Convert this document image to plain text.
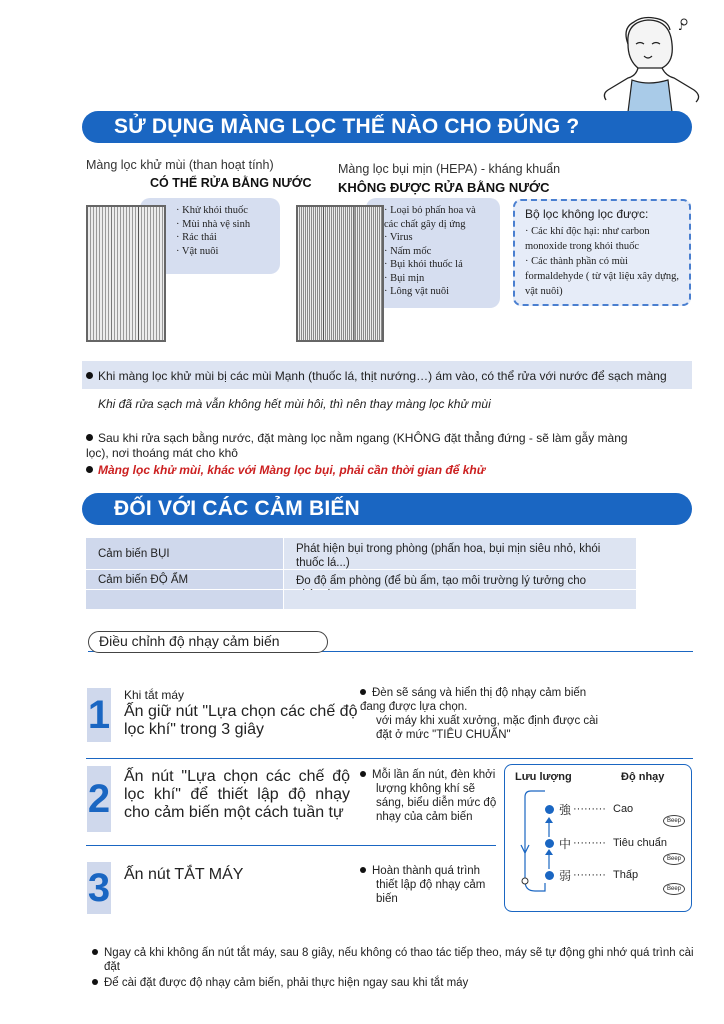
♪
SỬ DỤNG MÀNG LỌC THẾ NÀO CHO ĐÚNG ?
Màng lọc khử mùi (than hoạt tính)
CÓ THỂ RỬA BẰNG NƯỚC
· Khử khói thuốc
· Mùi nhà vệ sinh
· Rác thải
· Vật nuôi
Màng lọc bụi mịn (HEPA) - kháng khuẩn
KHÔNG ĐƯỢC RỬA BẰNG NƯỚC
· Loại bỏ phấn hoa và các chất gây dị ứng
· Virus
· Nấm mốc
· Bụi khói thuốc lá
· Bụi mịn
· Lông vật nuôi
Bộ lọc không lọc được:
· Các khí độc hại: như carbon monoxide trong khói thuốc
· Các thành phần có mùi formaldehyde ( từ vật liệu xây dựng, vật nuôi)
Khi màng lọc khử mùi bị các mùi Mạnh (thuốc lá, thịt nướng…) ám vào, có thể rửa với nước để sạch màng
Khi đã rửa sạch mà vẫn không hết mùi hôi, thì nên thay màng lọc khử mùi
Sau khi rửa sạch bằng nước, đặt màng lọc nằm ngang (KHÔNG đặt thẳng đứng - sẽ làm gẫy màng lọc), nơi thoáng mát cho khô
Màng lọc khử mùi, khác với Màng lọc bụi, phải cần thời gian để khử
ĐỐI VỚI CÁC CẢM BIẾN
Cảm biến BỤI	Phát hiện bụi trong phòng (phấn hoa, bụi mịn siêu nhỏ, khói thuốc lá...)
Cảm biến ĐỘ ẨM	Đo độ ẩm phòng (để bù ẩm, tạo môi trường lý tưởng cho
Điều chỉnh độ nhạy cảm biến
1 Khi tắt máy
Ấn giữ nút "Lựa chọn các chế độ lọc khí" trong 3 giây
Đèn sẽ sáng và hiển thị độ nhạy cảm biến đang được lựa chọn.
với máy khi xuất xưởng, mặc định được cài đặt ở mức "TIÊU CHUẨN"
2
Ấn nút "Lựa chọn các chế độ lọc khí" để thiết lập độ nhạy cho cảm biến một cách tuần tự
Mỗi lần ấn nút, đèn khởi lượng không khí sẽ sáng, biểu diễn mức độ nhạy của cảm biến
3 Ấn nút TẮT MÁY	Hoàn thành quá trình thiết lập độ nhạy cảm biến
Lưu lượng	Độ nhạy
強 ········· Cao
Beep
中 ········· Tiêu chuẩn
Beep
弱 ········· Thấp
Beep
Ngay cả khi không ấn nút tắt máy, sau 8 giây, nếu không có thao tác tiếp theo, máy sẽ tự động ghi nhớ quá trình cài đặt
Để cài đặt được độ nhạy cảm biến, phải thực hiện ngay sau khi tắt máy
